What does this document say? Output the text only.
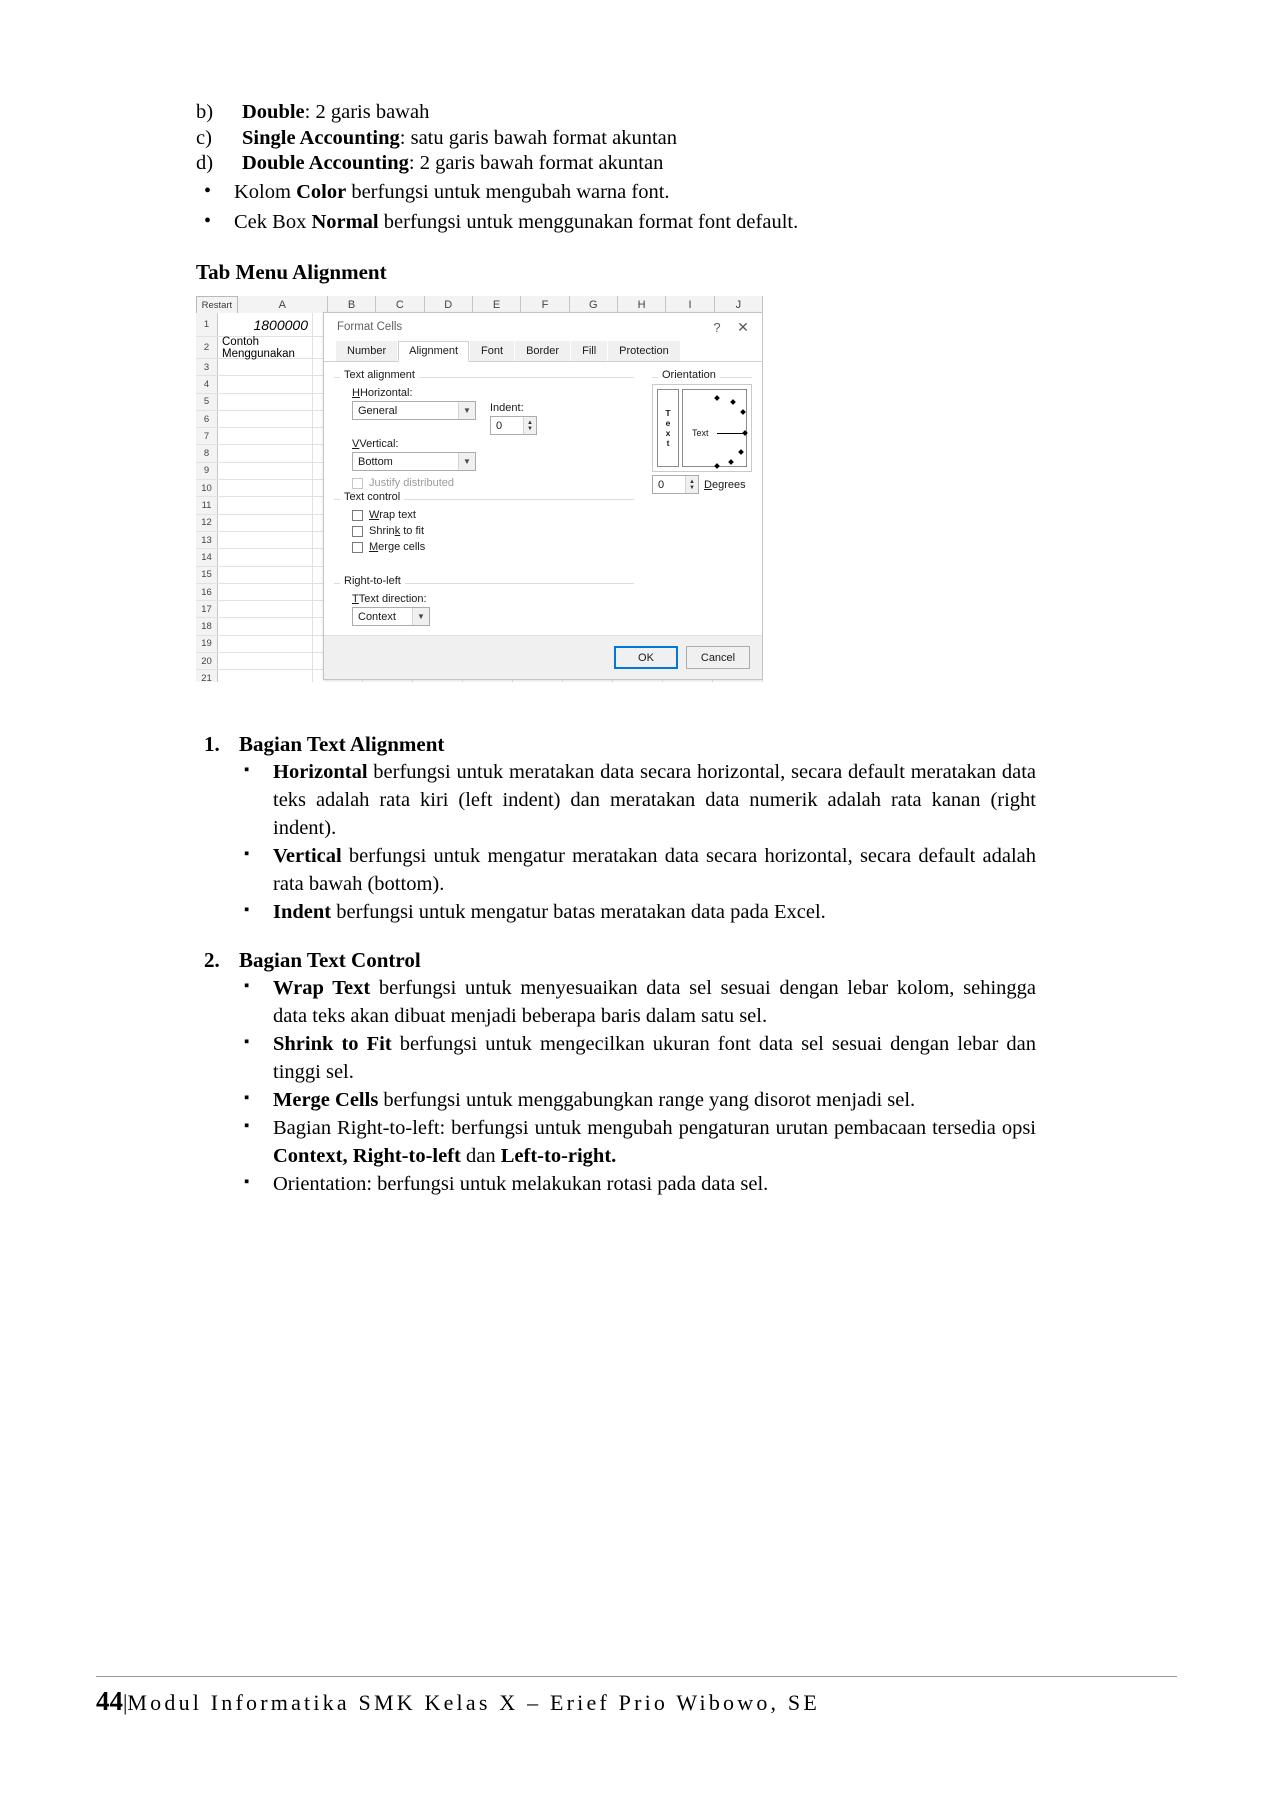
b)	Double: 2 garis bawah
c)	Single Accounting: satu garis bawah format akuntan
d)	Double Accounting: 2 garis bawah format akuntan
• Kolom Color berfungsi untuk mengubah warna font.
• Cek Box Normal berfungsi untuk menggunakan format font default.
Tab Menu Alignment
Restart	A	B	C	D	E	F	G	H	I	J
1	1800000
2	Contoh Menggunakan
3
4
5
6
7
8
9
10
11
12
13
14
15
16
17
18
19
20
21
Format Cells	?	✕
Number	Alignment	Font	Border	Fill	Protection
Text alignment
HHorizontal:
General	▼	Indent:
0	▲
▼
VVertical:
Bottom	▼
Justify distributed
Text control
Wrap text
Shrink to fit
Merge cells
Right-to-left
TText direction:
Context	▼
Orientation
T
e
x
t
Text
0	▲
▼ Degrees
OK	Cancel
1. Bagian Text Alignment
▪ Horizontal berfungsi untuk meratakan data secara horizontal, secara default meratakan data teks adalah rata kiri (left indent) dan meratakan data numerik adalah rata kanan (right indent).
▪ Vertical berfungsi untuk mengatur meratakan data secara horizontal, secara default adalah rata bawah (bottom).
▪ Indent berfungsi untuk mengatur batas meratakan data pada Excel.
2. Bagian Text Control
▪ Wrap Text berfungsi untuk menyesuaikan data sel sesuai dengan lebar kolom, sehingga data teks akan dibuat menjadi beberapa baris dalam satu sel.
▪ Shrink to Fit berfungsi untuk mengecilkan ukuran font data sel sesuai dengan lebar dan tinggi sel.
▪ Merge Cells berfungsi untuk menggabungkan range yang disorot menjadi sel.
▪ Bagian Right-to-left: berfungsi untuk mengubah pengaturan urutan pembacaan tersedia opsi Context, Right-to-left dan Left-to-right.
▪ Orientation: berfungsi untuk melakukan rotasi pada data sel.
44|Modul Informatika SMK Kelas X – Erief Prio Wibowo, SE
